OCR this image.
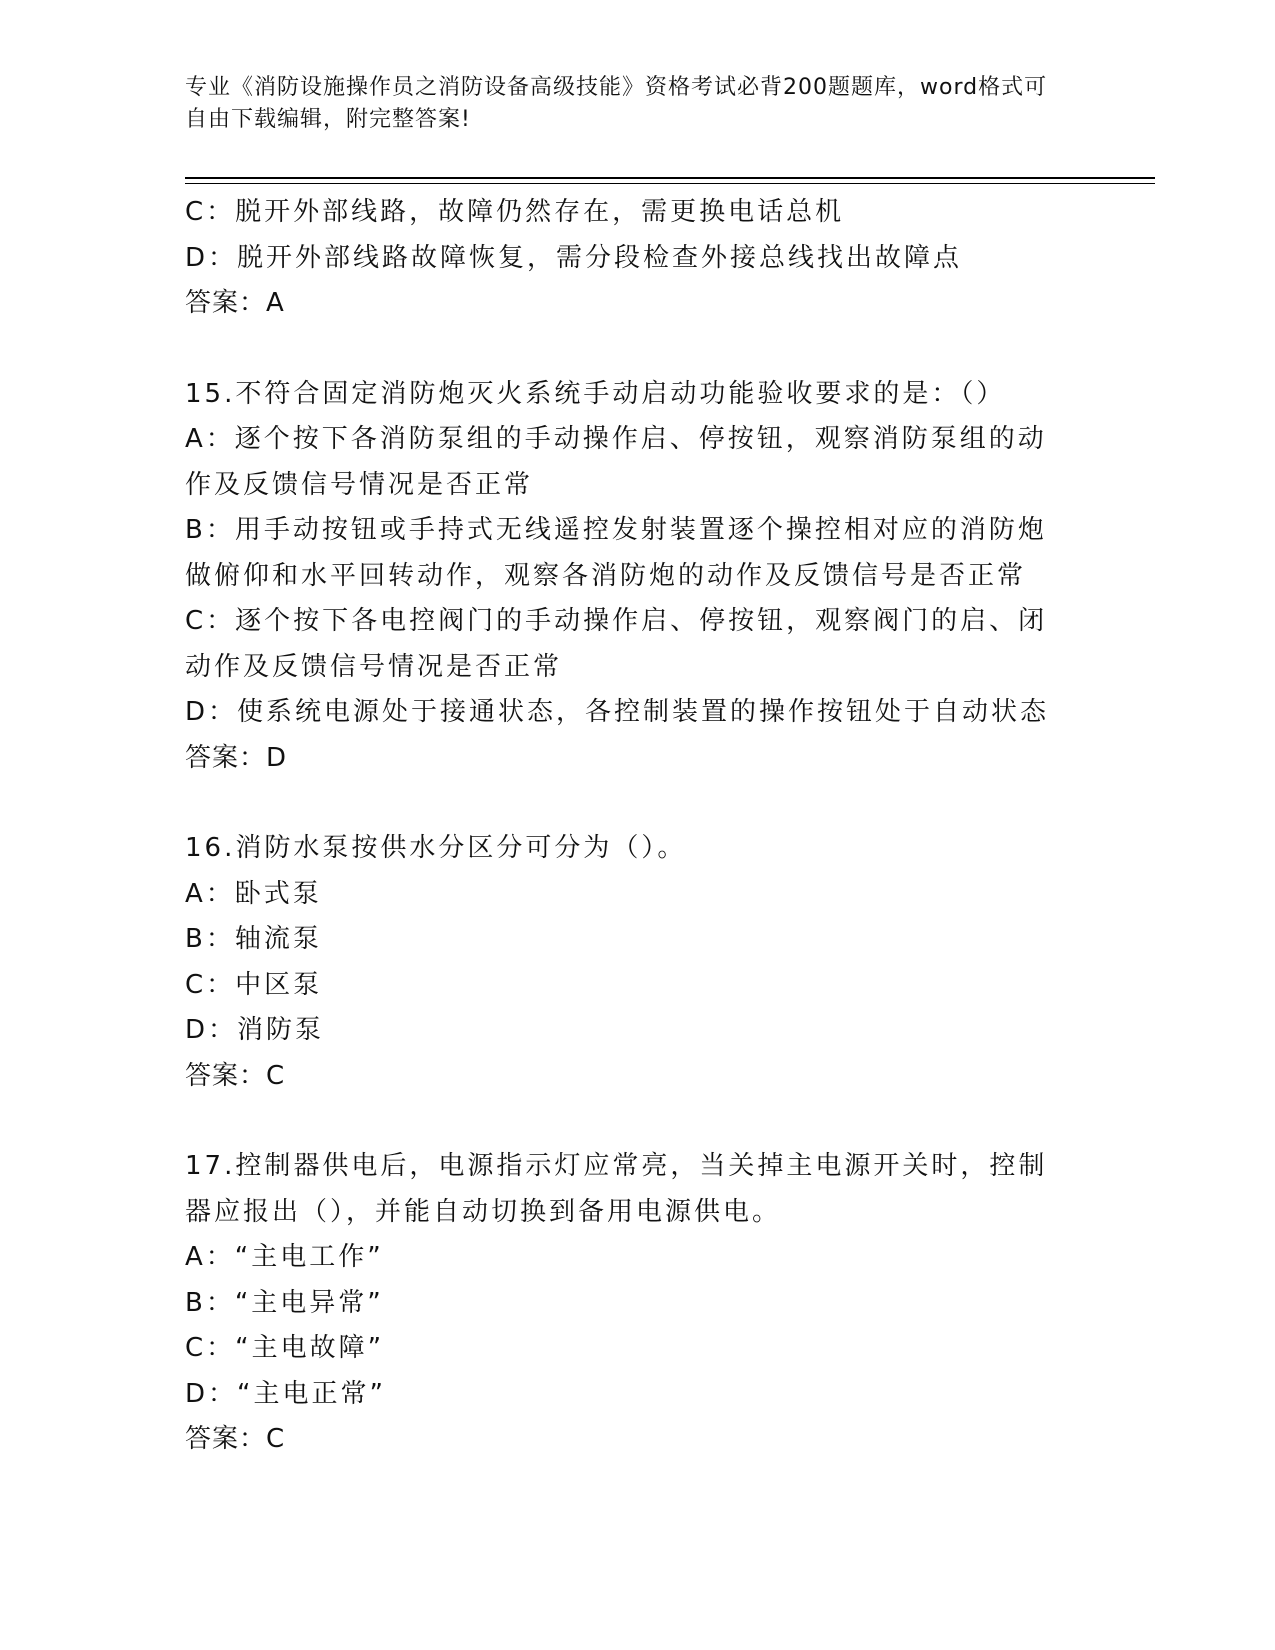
专业《消防设施操作员之消防设备高级技能》资格考试必背200题题库，word格式可自由下载编辑，附完整答案!
C：脱开外部线路，故障仍然存在，需更换电话总机
D：脱开外部线路故障恢复，需分段检查外接总线找出故障点
答案：A
15.不符合固定消防炮灭火系统手动启动功能验收要求的是：（）
A：逐个按下各消防泵组的手动操作启、停按钮，观察消防泵组的动作及反馈信号情况是否正常
B：用手动按钮或手持式无线遥控发射装置逐个操控相对应的消防炮做俯仰和水平回转动作，观察各消防炮的动作及反馈信号是否正常
C：逐个按下各电控阀门的手动操作启、停按钮，观察阀门的启、闭动作及反馈信号情况是否正常
D：使系统电源处于接通状态，各控制装置的操作按钮处于自动状态
答案：D
16.消防水泵按供水分区分可分为（）。
A：卧式泵
B：轴流泵
C：中区泵
D：消防泵
答案：C
17.控制器供电后，电源指示灯应常亮，当关掉主电源开关时，控制器应报出（），并能自动切换到备用电源供电。
A：“主电工作”
B：“主电异常”
C：“主电故障”
D：“主电正常”
答案：C
